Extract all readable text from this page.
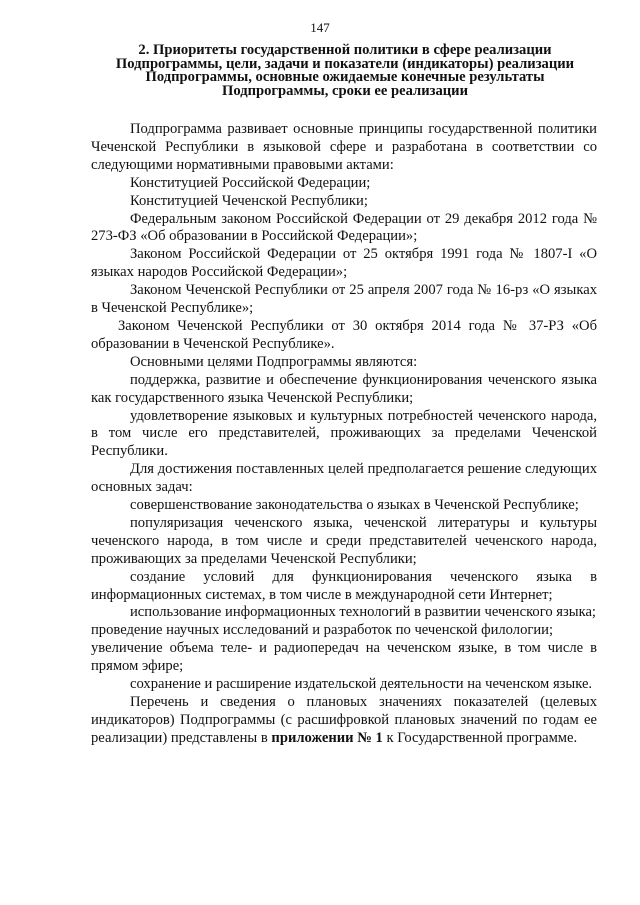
147
2. Приоритеты государственной политики в сфере реализации
Подпрограммы, цели, задачи и показатели (индикаторы) реализации
Подпрограммы, основные ожидаемые конечные результаты
Подпрограммы, сроки ее реализации

Подпрограмма развивает основные принципы государственной политики Чеченской Республики в языковой сфере и разработана в соответствии со следующими нормативными правовыми актами:

Конституцией Российской Федерации;

Конституцией Чеченской Республики;

Федеральным законом Российской Федерации от 29 декабря 2012 года № 273-ФЗ «Об образовании в Российской Федерации»;

Законом Российской Федерации от 25 октября 1991 года № 1807-I «О языках народов Российской Федерации»;

Законом Чеченской Республики от 25 апреля 2007 года № 16-рз «О языках в Чеченской Республике»;

Законом Чеченской Республики от 30 октября 2014 года № 37-РЗ «Об образовании в Чеченской Республике».

Основными целями Подпрограммы являются:

поддержка, развитие и обеспечение функционирования чеченского языка как государственного языка Чеченской Республики;

удовлетворение языковых и культурных потребностей чеченского народа, в том числе его представителей, проживающих за пределами Чеченской Республики.

Для достижения поставленных целей предполагается решение следующих основных задач:

совершенствование законодательства о языках в Чеченской Республике;

популяризация чеченского языка, чеченской литературы и культуры чеченского народа, в том числе и среди представителей чеченского народа, проживающих за пределами Чеченской Республики;

создание условий для функционирования чеченского языка в информационных системах, в том числе в международной сети Интернет;

использование информационных технологий в развитии чеченского языка;

проведение научных исследований и разработок по чеченской филологии;

увеличение объема теле- и радиопередач на чеченском языке, в том числе в прямом эфире;

сохранение и расширение издательской деятельности на чеченском языке.

Перечень и сведения о плановых значениях показателей (целевых индикаторов) Подпрограммы (с расшифровкой плановых значений по годам ее реализации) представлены в приложении № 1 к Государственной программе.
